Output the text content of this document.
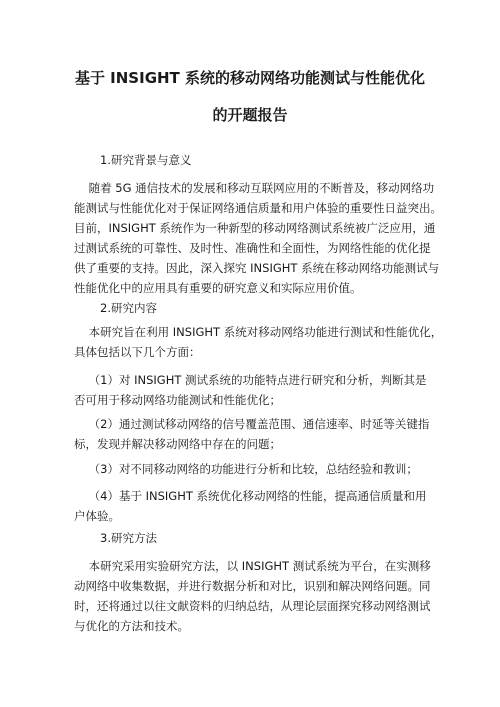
基于 INSIGHT 系统的移动网络功能测试与性能优化
的开题报告
1.研究背景与意义
随着 5G 通信技术的发展和移动互联网应用的不断普及，移动网络功
能测试与性能优化对于保证网络通信质量和用户体验的重要性日益突出。
目前，INSIGHT 系统作为一种新型的移动网络测试系统被广泛应用，通
过测试系统的可靠性、及时性、准确性和全面性，为网络性能的优化提
供了重要的支持。因此，深入探究 INSIGHT 系统在移动网络功能测试与
性能优化中的应用具有重要的研究意义和实际应用价值。
2.研究内容
本研究旨在利用 INSIGHT 系统对移动网络功能进行测试和性能优化，
具体包括以下几个方面：
（1）对 INSIGHT 测试系统的功能特点进行研究和分析，判断其是
否可用于移动网络功能测试和性能优化；
（2）通过测试移动网络的信号覆盖范围、通信速率、时延等关键指
标，发现并解决移动网络中存在的问题；
（3）对不同移动网络的功能进行分析和比较，总结经验和教训；
（4）基于 INSIGHT 系统优化移动网络的性能，提高通信质量和用
户体验。
3.研究方法
本研究采用实验研究方法，以 INSIGHT 测试系统为平台，在实测移
动网络中收集数据，并进行数据分析和对比，识别和解决网络问题。同
时，还将通过以往文献资料的归纳总结，从理论层面探究移动网络测试
与优化的方法和技术。
